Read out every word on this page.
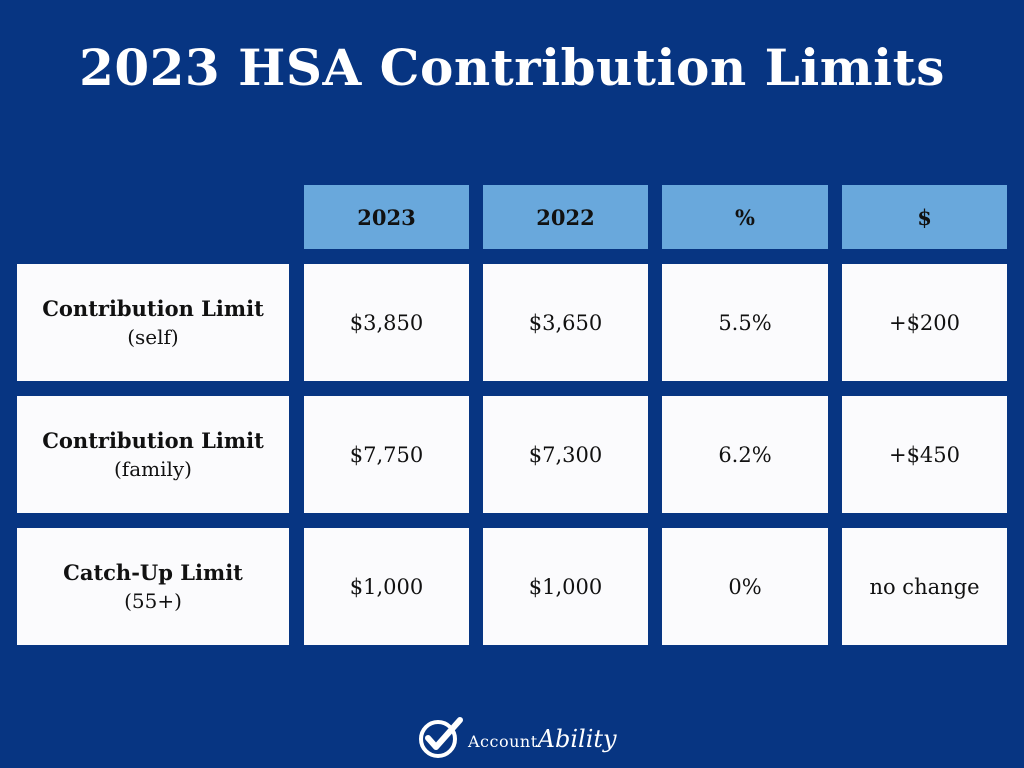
2023 HSA Contribution Limits
2023	2022	%	$
Contribution Limit
(self)
$3,850	$3,650	5.5%	+$200
Contribution Limit
(family)
$7,750	$7,300	6.2%	+$450
Catch-Up Limit
(55+)
$1,000	$1,000	0%	no change
Account Ability
